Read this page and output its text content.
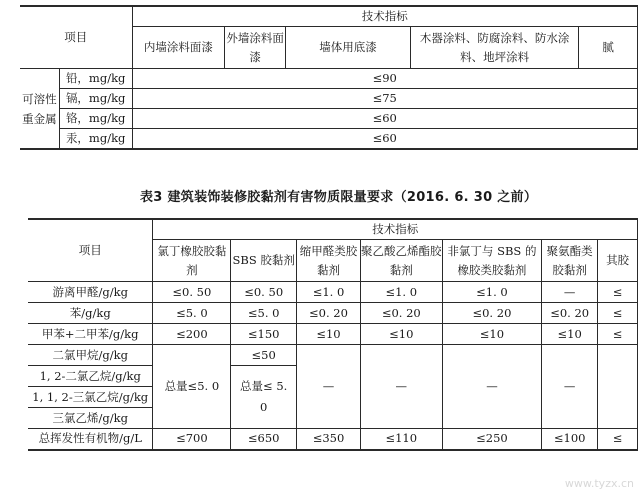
项目		技术指标				
		内墙涂料面漆	外墙涂料面漆	墙体用底漆	木器涂料、防腐涂料、防水涂料、地坪涂料	腻
可溶性重金属	铅，mg/kg	≤90				
	镉，mg/kg	≤75				
	铬，mg/kg	≤60				
	汞，mg/kg	≤60				
表3 建筑装饰装修胶黏剂有害物质限量要求（2016. 6. 30 之前）
项目	技术指标						
	氯丁橡胶胶黏剂	SBS 胶黏剂	缩甲醛类胶黏剂	聚乙酸乙烯酯胶黏剂	非氯丁与 SBS 的橡胶类胶黏剂	聚氨酯类胶黏剂	其胶
游离甲醛/g/kg	≤0. 50	≤0. 50	≤1. 0	≤1. 0	≤1. 0	—	≤
苯/g/kg	≤5. 0	≤5. 0	≤0. 20	≤0. 20	≤0. 20	≤0. 20	≤
甲苯+二甲苯/g/kg	≤200	≤150	≤10	≤10	≤10	≤10	≤
二氯甲烷/g/kg	总量≤5. 0	≤50	—	—	—	—	
1, 2-二氯乙烷/g/kg		总量≤ 5. 0					
1, 1, 2-三氯乙烷/g/kg							
三氯乙烯/g/kg							
总挥发性有机物/g/L	≤700	≤650	≤350	≤110	≤250	≤100	≤
www.tyzx.cn
